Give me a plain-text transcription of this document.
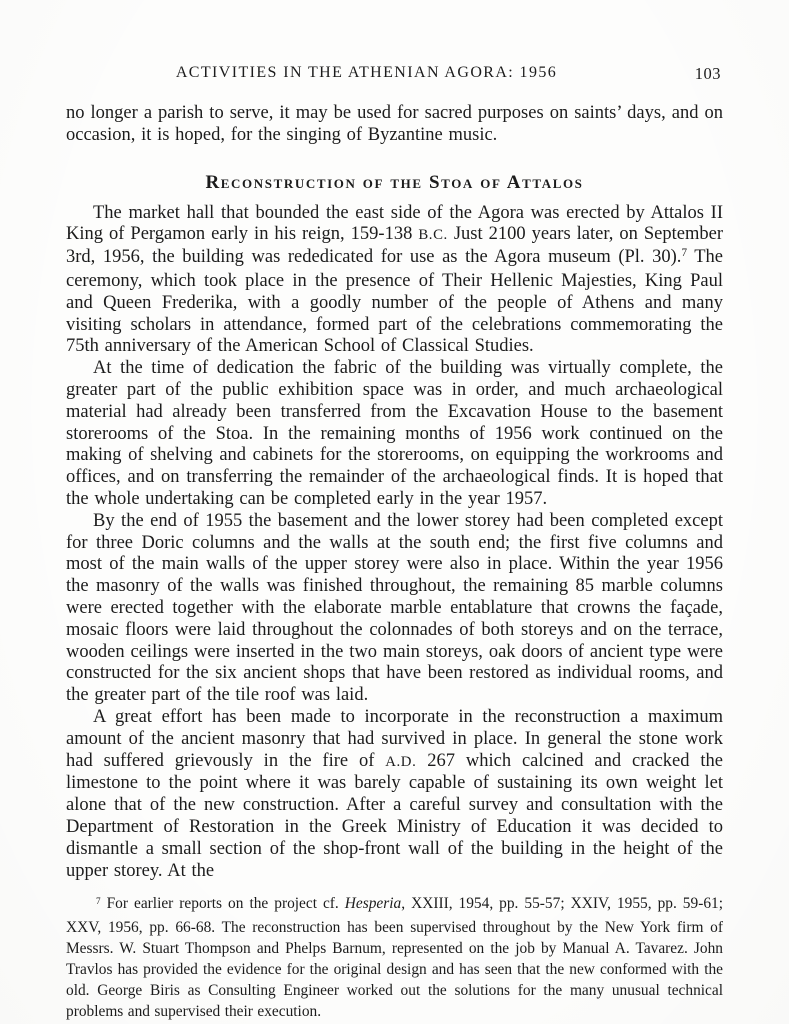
ACTIVITIES IN THE ATHENIAN AGORA: 1956	103

no longer a parish to serve, it may be used for sacred purposes on saints’ days, and on occasion, it is hoped, for the singing of Byzantine music.

Reconstruction of the Stoa of Attalos

The market hall that bounded the east side of the Agora was erected by Attalos II King of Pergamon early in his reign, 159-138 B.C. Just 2100 years later, on September 3rd, 1956, the building was rededicated for use as the Agora museum (Pl. 30).$^7$ The ceremony, which took place in the presence of Their Hellenic Majesties, King Paul and Queen Frederika, with a goodly number of the people of Athens and many visiting scholars in attendance, formed part of the celebrations commemorating the 75th anniversary of the American School of Classical Studies.

At the time of dedication the fabric of the building was virtually complete, the greater part of the public exhibition space was in order, and much archaeological material had already been transferred from the Excavation House to the basement storerooms of the Stoa. In the remaining months of 1956 work continued on the making of shelving and cabinets for the storerooms, on equipping the workrooms and offices, and on transferring the remainder of the archaeological finds. It is hoped that the whole undertaking can be completed early in the year 1957.

By the end of 1955 the basement and the lower storey had been completed except for three Doric columns and the walls at the south end; the first five columns and most of the main walls of the upper storey were also in place. Within the year 1956 the masonry of the walls was finished throughout, the remaining 85 marble columns were erected together with the elaborate marble entablature that crowns the façade, mosaic floors were laid throughout the colonnades of both storeys and on the terrace, wooden ceilings were inserted in the two main storeys, oak doors of ancient type were constructed for the six ancient shops that have been restored as individual rooms, and the greater part of the tile roof was laid.

A great effort has been made to incorporate in the reconstruction a maximum amount of the ancient masonry that had survived in place. In general the stone work had suffered grievously in the fire of A.D. 267 which calcined and cracked the limestone to the point where it was barely capable of sustaining its own weight let alone that of the new construction. After a careful survey and consultation with the Department of Restoration in the Greek Ministry of Education it was decided to dismantle a small section of the shop-front wall of the building in the height of the upper storey. At the

$^7$ For earlier reports on the project cf. Hesperia, XXIII, 1954, pp. 55-57; XXIV, 1955, pp. 59-61; XXV, 1956, pp. 66-68. The reconstruction has been supervised throughout by the New York firm of Messrs. W. Stuart Thompson and Phelps Barnum, represented on the job by Manual A. Tavarez. John Travlos has provided the evidence for the original design and has seen that the new conformed with the old. George Biris as Consulting Engineer worked out the solutions for the many unusual technical problems and supervised their execution.
